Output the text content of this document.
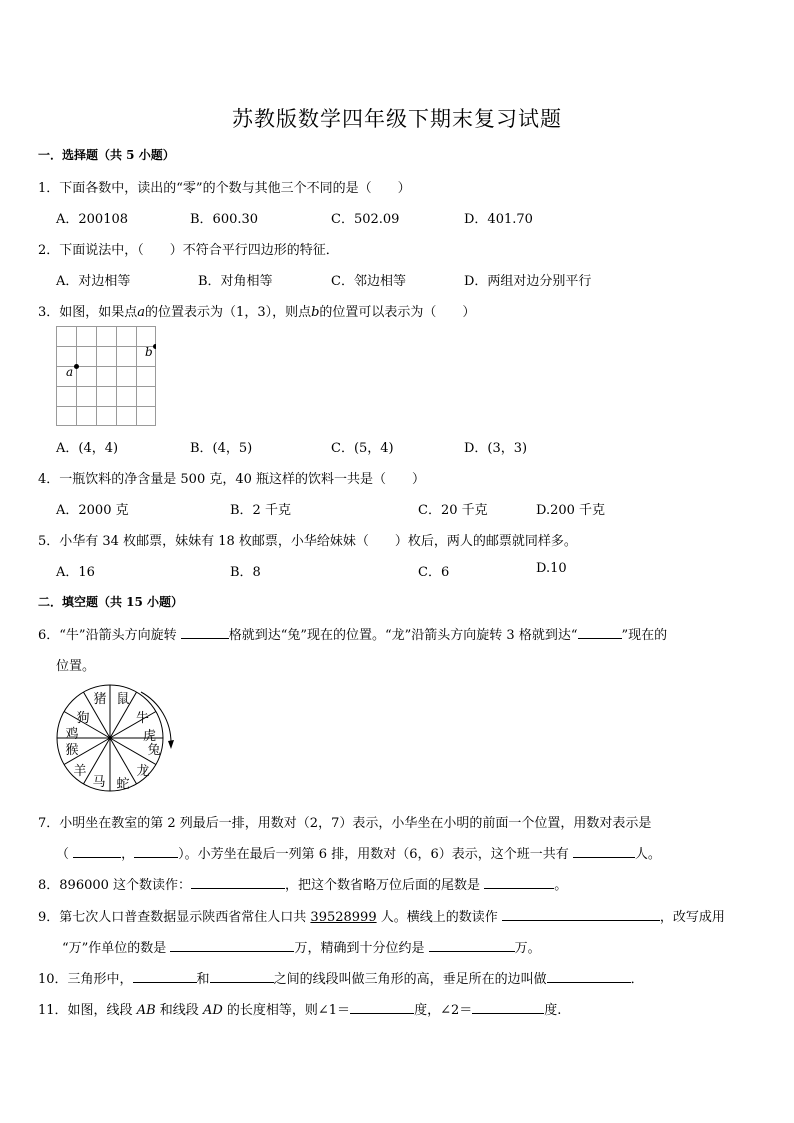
苏教版数学四年级下期末复习试题
一．选择题（共 5 小题）
1．下面各数中，读出的“零”的个数与其他三个不同的是（　　）
A．200108	B．600.30	C．502.09	D．401.70
2．下面说法中，（　　）不符合平行四边形的特征．
A．对边相等	B．对角相等	C．邻边相等	D．两组对边分别平行
3．如图，如果点a的位置表示为（1，3），则点b的位置可以表示为（　　）
a
b
A．(4，4)	B．(4，5)	C．(5，4)	D．(3，3)
4．一瓶饮料的净含量是 500 克，40 瓶这样的饮料一共是（　　）
A．2000 克	B．2 千克	C．20 千克	D.200 千克
5．小华有 34 枚邮票，妹妹有 18 枚邮票，小华给妹妹（　　）枚后，两人的邮票就同样多。
A．16	B．8	C．6	D.10
二．填空题（共 15 小题）
6．“牛”沿箭头方向旋转	格就到达“兔”现在的位置。“龙”沿箭头方向旋转 3 格就到达“	”现在的
位置。
鼠
牛
虎
兔
龙
蛇
马
羊
猴
鸡
狗
猪
7．小明坐在教室的第 2 列最后一排，用数对（2，7）表示，小华坐在小明的前面一个位置，用数对表示是
（	，	）。小芳坐在最后一列第 6 排，用数对（6，6）表示，这个班一共有	人。
8．896000 这个数读作：	，把这个数省略万位后面的尾数是	。
9．第七次人口普查数据显示陕西省常住人口共 39528999 人。横线上的数读作	，改写成用
“万”作单位的数是	万，精确到十分位约是	万。
10．三角形中，	和	之间的线段叫做三角形的高，垂足所在的边叫做	．
11．如图，线段 AB 和线段 AD 的长度相等，则∠1＝	度，∠2＝	度.
